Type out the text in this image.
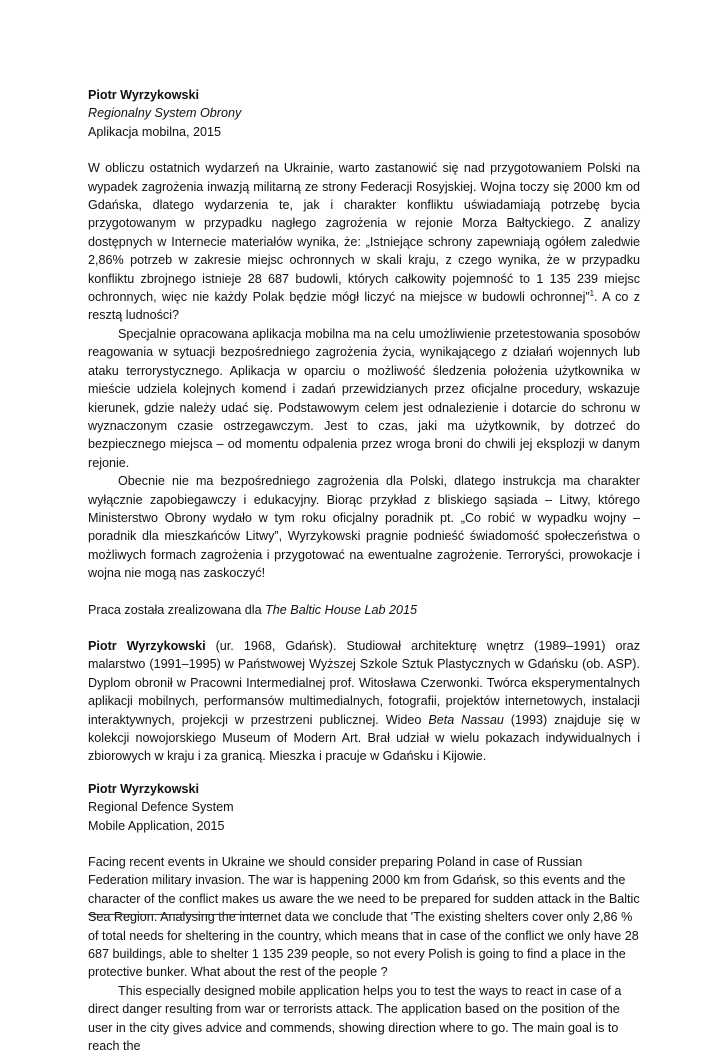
Piotr Wyrzykowski

Regionalny System Obrony

Aplikacja mobilna, 2015

W obliczu ostatnich wydarzeń na Ukrainie, warto zastanowić się nad przygotowaniem Polski na wypadek zagrożenia inwazją militarną ze strony Federacji Rosyjskiej. Wojna toczy się 2000 km od Gdańska, dlatego wydarzenia te, jak i charakter konfliktu uświadamiają potrzebę bycia przygotowanym w przypadku nagłego zagrożenia w rejonie Morza Bałtyckiego. Z analizy dostępnych w Internecie materiałów wynika, że: „Istniejące schrony zapewniają ogółem zaledwie 2,86% potrzeb w zakresie miejsc ochronnych w skali kraju, z czego wynika, że w przypadku konfliktu zbrojnego istnieje 28 687 budowli, których całkowity pojemność to 1 135 239 miejsc ochronnych, więc nie każdy Polak będzie mógł liczyć na miejsce w budowli ochronnej”$^1$. A co z resztą ludności?

Specjalnie opracowana aplikacja mobilna ma na celu umożliwienie przetestowania sposobów reagowania w sytuacji bezpośredniego zagrożenia życia, wynikającego z działań wojennych lub ataku terrorystycznego. Aplikacja w oparciu o możliwość śledzenia położenia użytkownika w mieście udziela kolejnych komend i zadań przewidzianych przez oficjalne procedury, wskazuje kierunek, gdzie należy udać się. Podstawowym celem jest odnalezienie i dotarcie do schronu w wyznaczonym czasie ostrzegawczym. Jest to czas, jaki ma użytkownik, by dotrzeć do bezpiecznego miejsca – od momentu odpalenia przez wroga broni do chwili jej eksplozji w danym rejonie.

Obecnie nie ma bezpośredniego zagrożenia dla Polski, dlatego instrukcja ma charakter wyłącznie zapobiegawczy i edukacyjny. Biorąc przykład z bliskiego sąsiada – Litwy, którego Ministerstwo Obrony wydało w tym roku oficjalny poradnik pt. „Co robić w wypadku wojny – poradnik dla mieszkańców Litwy”, Wyrzykowski pragnie podnieść świadomość społeczeństwa o możliwych formach zagrożenia i przygotować na ewentualne zagrożenie. Terroryści, prowokacje i wojna nie mogą nas zaskoczyć!

Praca została zrealizowana dla The Baltic House Lab 2015

Piotr Wyrzykowski (ur. 1968, Gdańsk). Studiował architekturę wnętrz (1989–1991) oraz malarstwo (1991–1995) w Państwowej Wyższej Szkole Sztuk Plastycznych w Gdańsku (ob. ASP). Dyplom obronił w Pracowni Intermedialnej prof. Witosława Czerwonki. Twórca eksperymentalnych aplikacji mobilnych, performansów multimedialnych, fotografii, projektów internetowych, instalacji interaktywnych, projekcji w przestrzeni publicznej. Wideo Beta Nassau (1993) znajduje się w kolekcji nowojorskiego Museum of Modern Art. Brał udział w wielu pokazach indywidualnych i zbiorowych w kraju i za granicą. Mieszka i pracuje w Gdańsku i Kijowie.

Piotr Wyrzykowski

Regional Defence System

Mobile Application, 2015

Facing recent events in Ukraine we should consider preparing Poland in case of Russian Federation military invasion. The war is happening 2000 km from Gdańsk, so this events and the character of the conflict makes us aware the we need to be prepared for sudden attack in the Baltic Sea Region. Analysing the internet data we conclude that 'The existing shelters cover only 2,86 % of total needs for sheltering in the country, which means that in case of the conflict we only have 28 687 buildings, able to shelter 1 135 239 people, so not every Polish is going to find a place in the protective bunker. What about the rest of the people ?

This especially designed mobile application helps you to test the ways to react in case of a direct danger resulting from war or terrorists attack. The application based on the position of the user in the city gives advice and commends, showing direction where to go. The main goal is to reach the
